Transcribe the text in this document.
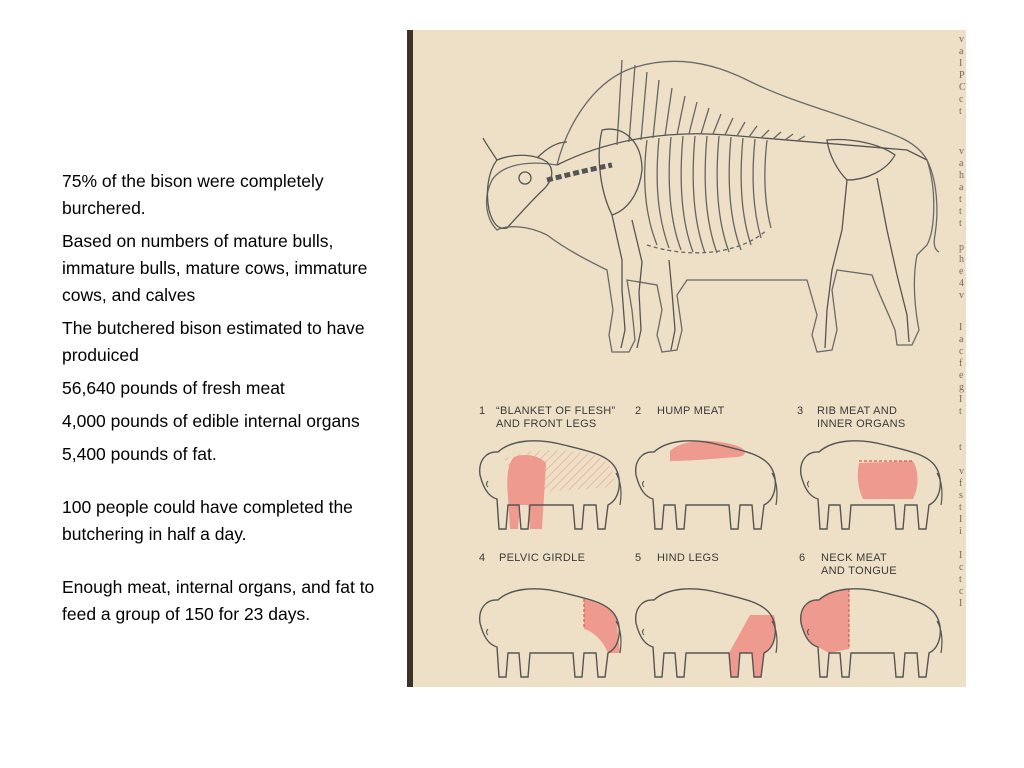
75% of the bison were completely burchered.

Based on numbers of mature bulls, immature bulls, mature cows, immature cows, and calves

The butchered bison estimated to have produiced

56,640 pounds of fresh meat

4,000 pounds of edible internal organs

5,400 pounds of fat.

100 people could have completed the butchering in half a day.

Enough meat, internal organs, and fat to feed a group of 150 for 23 days.

v
a
I
P
C
c
t
v
a
h
a
t
t
t
p
h
e
4
v
I
a
c
f
e
g
I
t
t
v
f
s
t
I
i
I
c
t
c
I
1 “BLANKET OF FLESH”
AND FRONT LEGS
2 HUMP MEAT	3 RIB MEAT AND
INNER ORGANS
4 PELVIC GIRDLE	5 HIND LEGS	6 NECK MEAT
AND TONGUE
